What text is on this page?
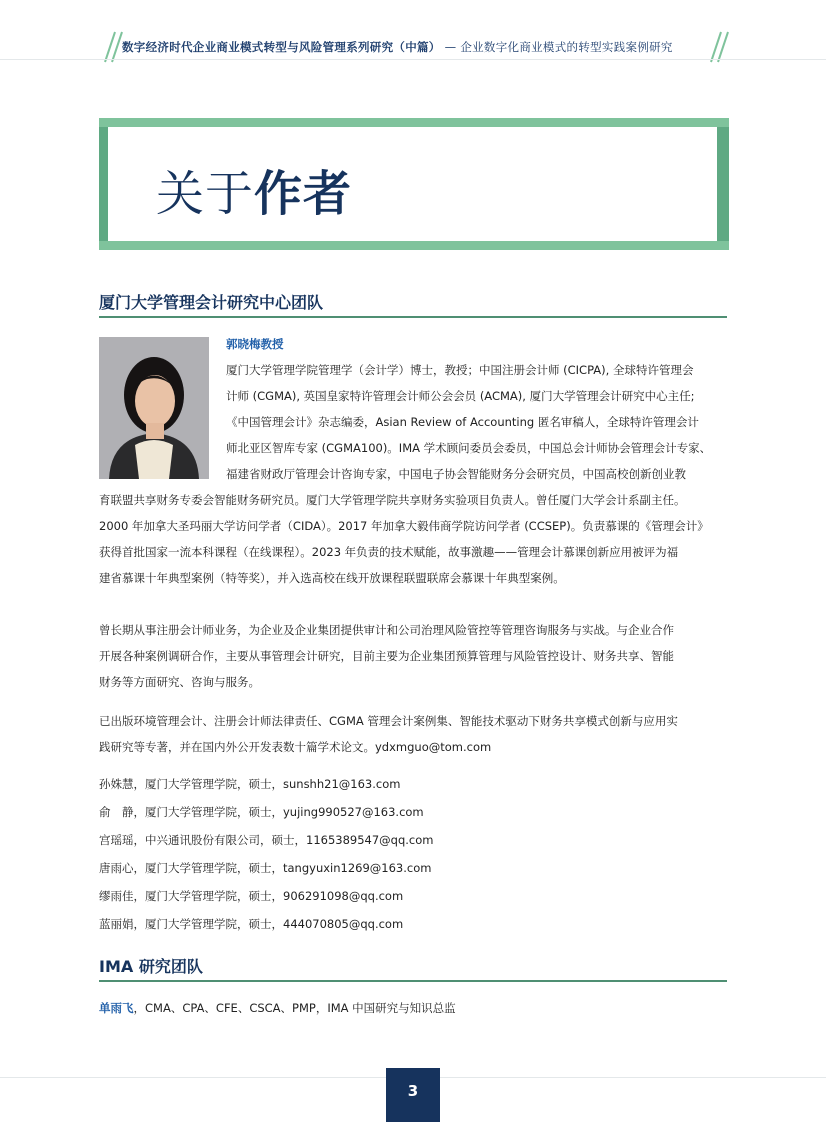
数字经济时代企业商业模式转型与风险管理系列研究（中篇） — 企业数字化商业模式的转型实践案例研究
关于作者
厦门大学管理会计研究中心团队
郭晓梅教授
厦门大学管理学院管理学（会计学）博士，教授；中国注册会计师 (CICPA), 全球特许管理会
计师 (CGMA), 英国皇家特许管理会计师公会会员 (ACMA), 厦门大学管理会计研究中心主任;
《中国管理会计》杂志编委，Asian Review of Accounting 匿名审稿人，全球特许管理会计
师北亚区智库专家 (CGMA100)。IMA 学术顾问委员会委员，中国总会计师协会管理会计专家、
福建省财政厅管理会计咨询专家，中国电子协会智能财务分会研究员，中国高校创新创业教
育联盟共享财务专委会智能财务研究员。厦门大学管理学院共享财务实验项目负责人。曾任厦门大学会计系副主任。
2000 年加拿大圣玛丽大学访问学者（CIDA）。2017 年加拿大毅伟商学院访问学者 (CCSEP)。负责慕课的《管理会计》
获得首批国家一流本科课程（在线课程）。2023 年负责的技术赋能，故事激趣——管理会计慕课创新应用被评为福
建省慕课十年典型案例（特等奖），并入选高校在线开放课程联盟联席会慕课十年典型案例。
曾长期从事注册会计师业务，为企业及企业集团提供审计和公司治理风险管控等管理咨询服务与实战。与企业合作
开展各种案例调研合作，主要从事管理会计研究，目前主要为企业集团预算管理与风险管控设计、财务共享、智能
财务等方面研究、咨询与服务。
已出版环境管理会计、注册会计师法律责任、CGMA 管理会计案例集、智能技术驱动下财务共享模式创新与应用实
践研究等专著，并在国内外公开发表数十篇学术论文。ydxmguo@tom.com
孙姝慧，厦门大学管理学院，硕士，sunshh21@163.com
俞　静，厦门大学管理学院，硕士，yujing990527@163.com
宫瑶瑶，中兴通讯股份有限公司，硕士，1165389547@qq.com
唐雨心，厦门大学管理学院，硕士，tangyuxin1269@163.com
缪雨佳，厦门大学管理学院，硕士，906291098@qq.com
蓝丽娟，厦门大学管理学院，硕士，444070805@qq.com
IMA 研究团队
单雨飞，CMA、CPA、CFE、CSCA、PMP，IMA 中国研究与知识总监
3
